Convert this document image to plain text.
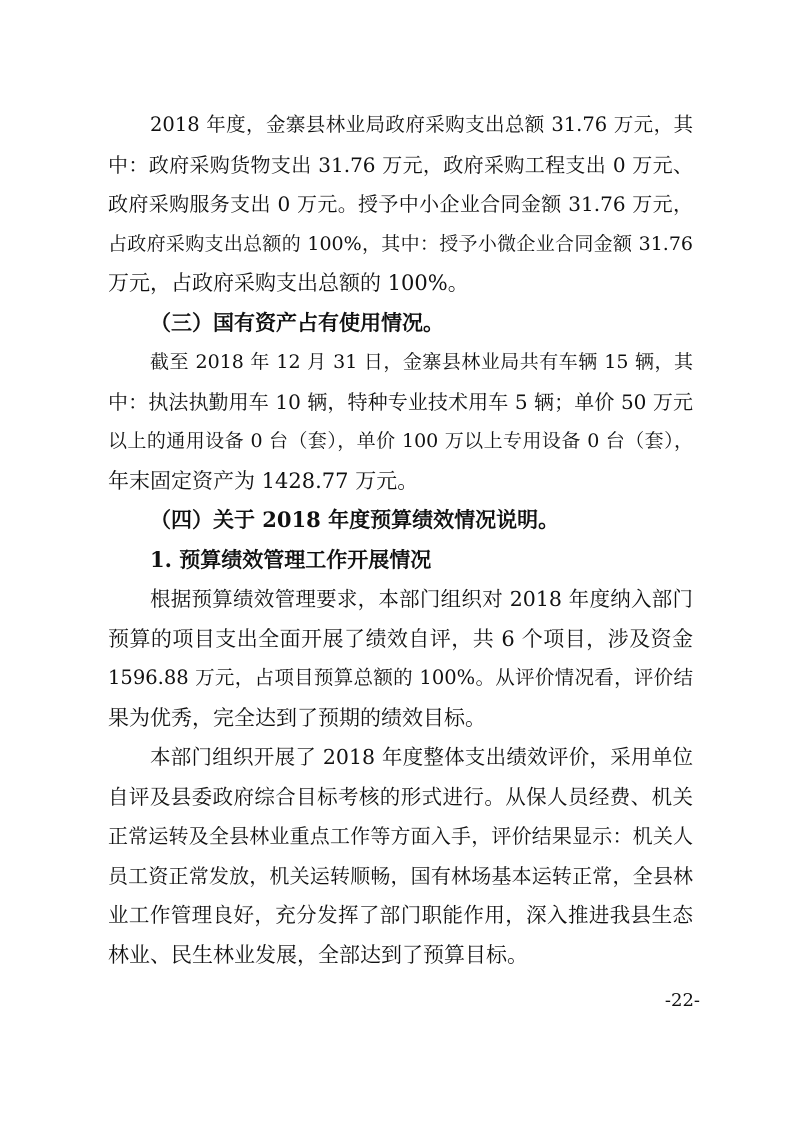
2018 年度，金寨县林业局政府采购支出总额 31.76 万元，其
中：政府采购货物支出 31.76 万元，政府采购工程支出 0 万元、
政府采购服务支出 0 万元。授予中小企业合同金额 31.76 万元，
占政府采购支出总额的 100%，其中：授予小微企业合同金额 31.76
万元，占政府采购支出总额的 100%。
（三）国有资产占有使用情况。
截至 2018 年 12 月 31 日，金寨县林业局共有车辆 15 辆，其
中：执法执勤用车 10 辆，特种专业技术用车 5 辆；单价 50 万元
以上的通用设备 0 台（套），单价 100 万以上专用设备 0 台（套），
年末固定资产为 1428.77 万元。
（四）关于 2018 年度预算绩效情况说明。
1. 预算绩效管理工作开展情况
根据预算绩效管理要求，本部门组织对 2018 年度纳入部门
预算的项目支出全面开展了绩效自评，共 6 个项目，涉及资金
1596.88 万元，占项目预算总额的 100%。从评价情况看，评价结
果为优秀，完全达到了预期的绩效目标。
本部门组织开展了 2018 年度整体支出绩效评价，采用单位
自评及县委政府综合目标考核的形式进行。从保人员经费、机关
正常运转及全县林业重点工作等方面入手，评价结果显示：机关人
员工资正常发放，机关运转顺畅，国有林场基本运转正常，全县林
业工作管理良好，充分发挥了部门职能作用，深入推进我县生态
林业、民生林业发展，全部达到了预算目标。
-22-
